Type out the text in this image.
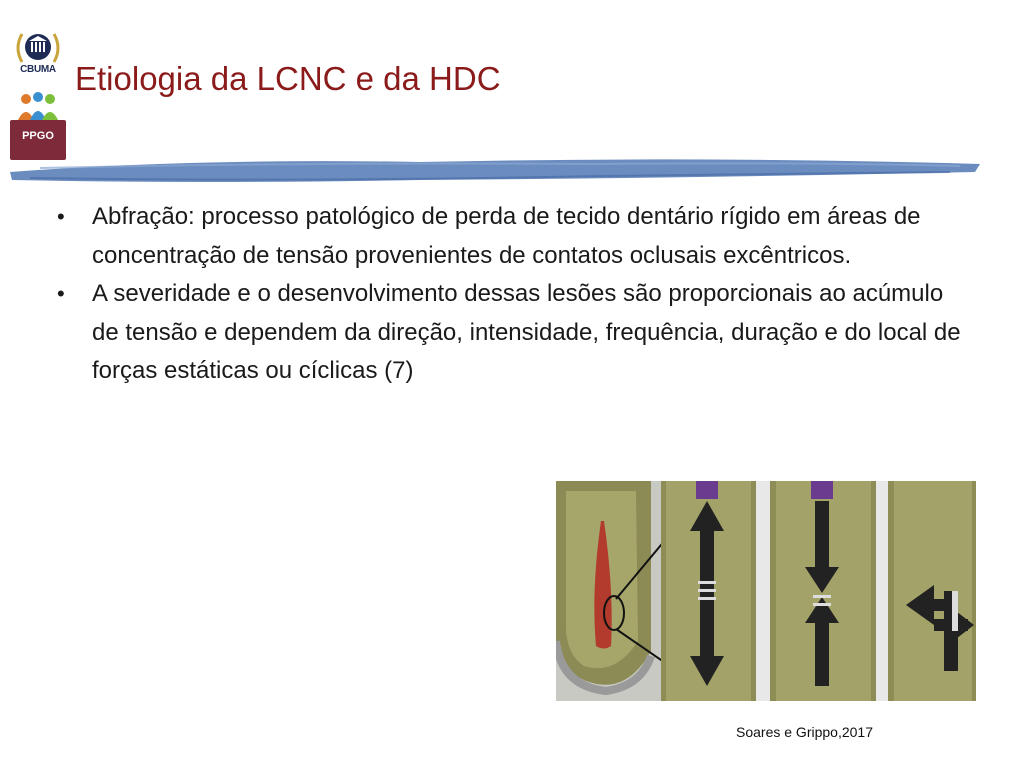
CBUMA
PPGO
Etiologia da LCNC e da HDC
• Abfração: processo patológico de perda de tecido dentário rígido em áreas de concentração de tensão provenientes de contatos oclusais excêntricos.
• A severidade e o desenvolvimento dessas lesões são proporcionais ao acúmulo de tensão e dependem da direção, intensidade, frequência, duração e do local de forças estáticas ou cíclicas (7)
Soares e Grippo,2017
